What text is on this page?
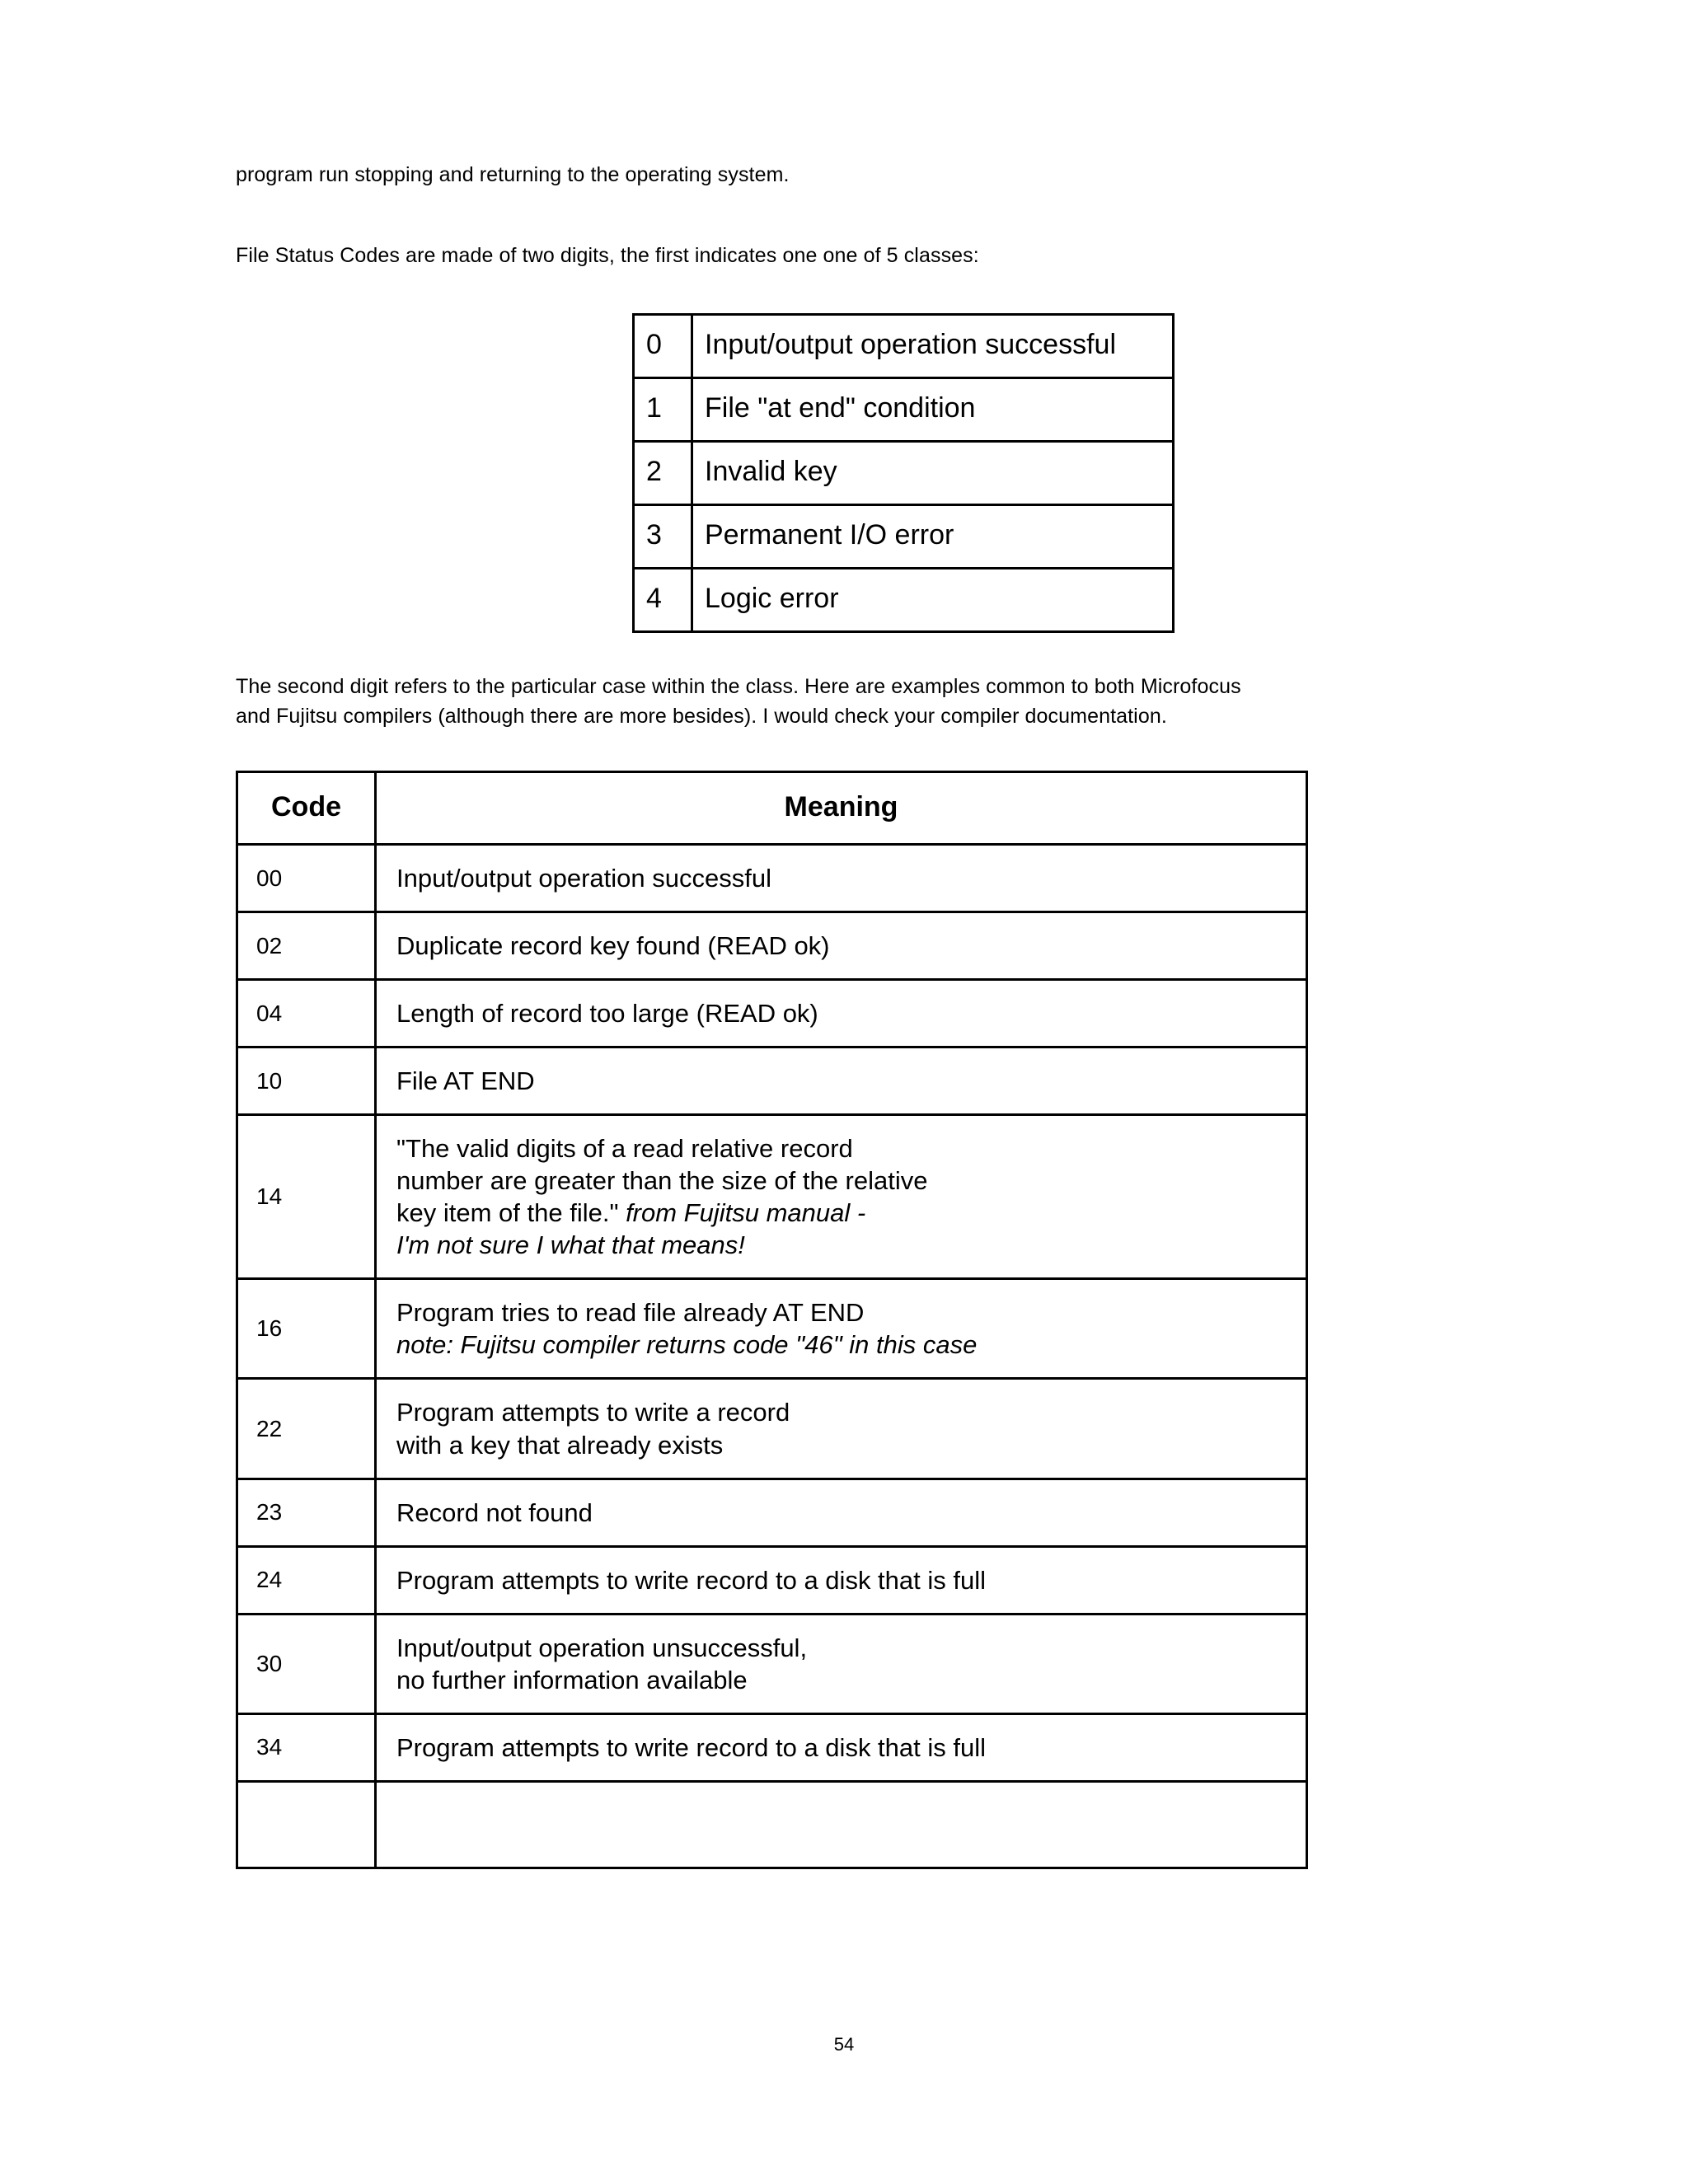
program run stopping and returning to the operating system.

File Status Codes are made of two digits, the first indicates one one of 5 classes:

0	Input/output operation successful
1	File "at end" condition
2	Invalid key
3	Permanent I/O error
4	Logic error

The second digit refers to the particular case within the class. Here are examples common to both Microfocus

and Fujitsu compilers (although there are more besides). I would check your compiler documentation.

Code	Meaning
00	Input/output operation successful

02	Duplicate record key found (READ ok)

04	Length of record too large (READ ok)

10	File AT END

14	"The valid digits of a read relative record
number are greater than the size of the relative
key item of the file." from Fujitsu manual -
I'm not sure I what that means!

16	Program tries to read file already AT END
note: Fujitsu compiler returns code "46" in this case

22	Program attempts to write a record
with a key that already exists

23	Record not found

24	Program attempts to write record to a disk that is full

30	Input/output operation unsuccessful,
no further information available

34	Program attempts to write record to a disk that is full

54
